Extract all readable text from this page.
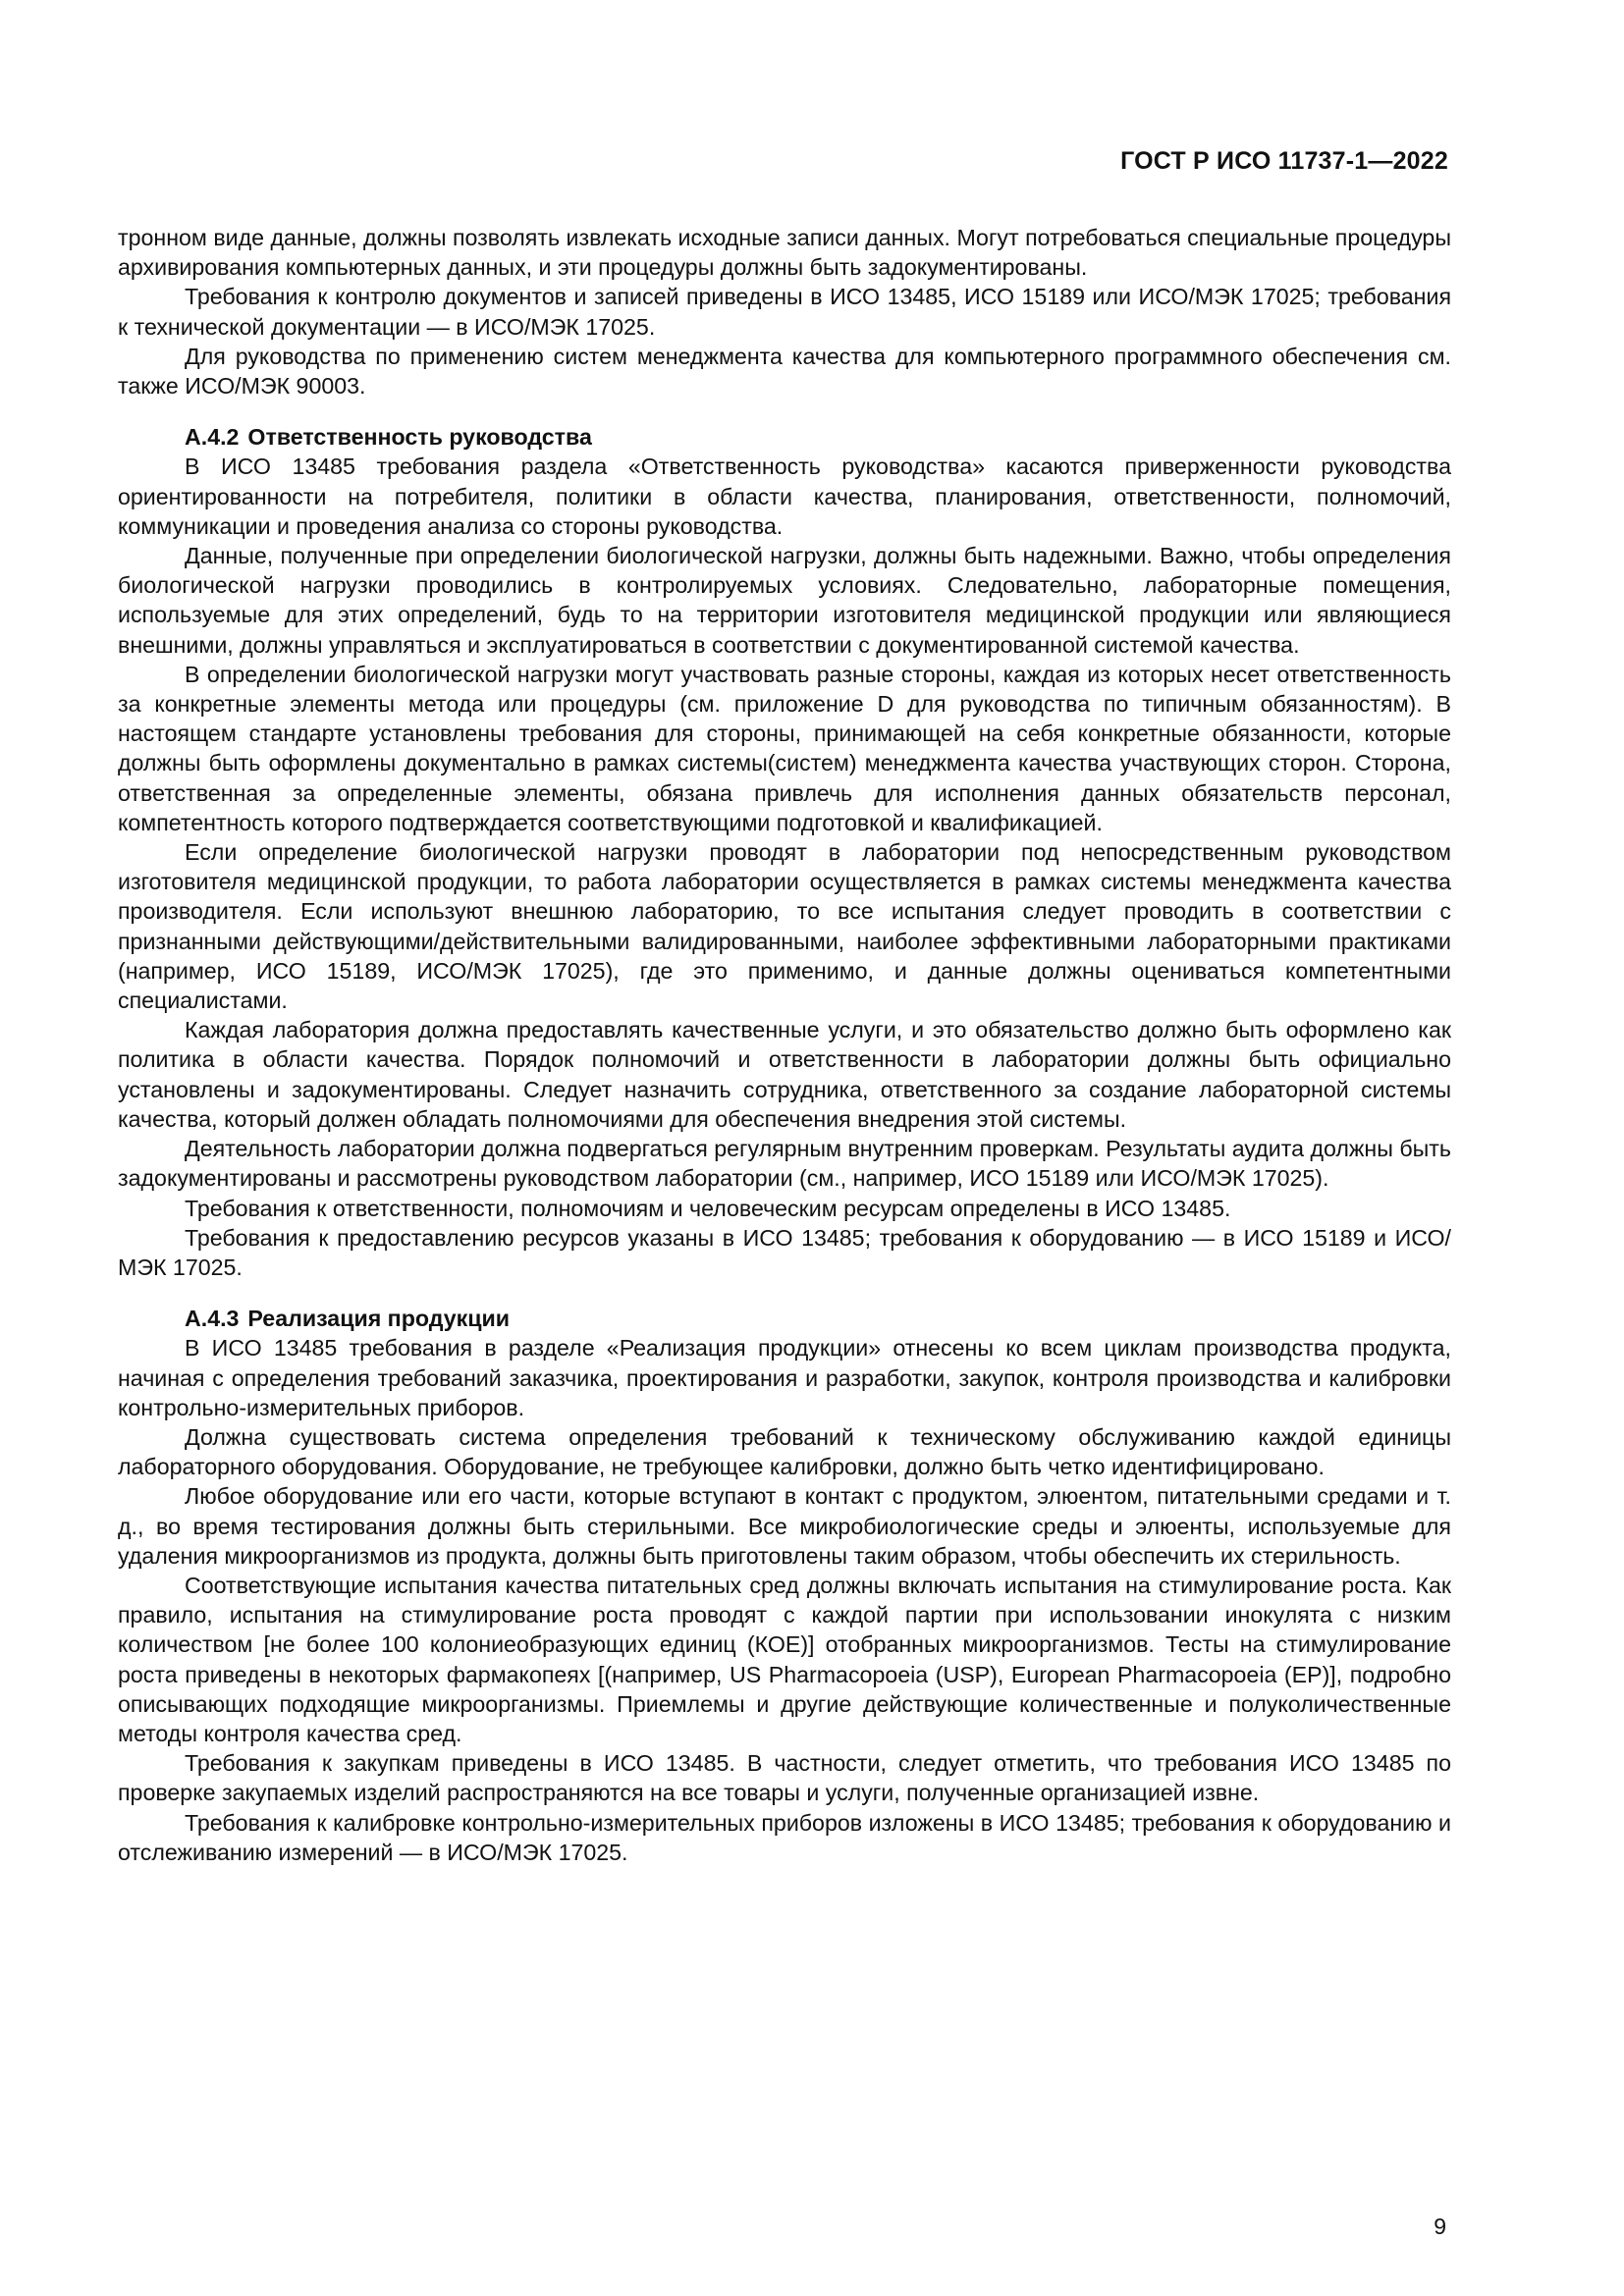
ГОСТ Р ИСО 11737-1—2022

тронном виде данные, должны позволять извлекать исходные записи данных. Могут потребоваться специальные процедуры архивирования компьютерных данных, и эти процедуры должны быть задокументированы.

Требования к контролю документов и записей приведены в ИСО 13485, ИСО 15189 или ИСО/МЭК 17025; требования к технической документации — в ИСО/МЭК 17025.

Для руководства по применению систем менеджмента качества для компьютерного программного обеспечения см. также ИСО/МЭК 90003.

А.4.2 Ответственность руководства

В ИСО 13485 требования раздела «Ответственность руководства» касаются приверженности руководства ориентированности на потребителя, политики в области качества, планирования, ответственности, полномочий, коммуникации и проведения анализа со стороны руководства.

Данные, полученные при определении биологической нагрузки, должны быть надежными. Важно, чтобы определения биологической нагрузки проводились в контролируемых условиях. Следовательно, лабораторные помещения, используемые для этих определений, будь то на территории изготовителя медицинской продукции или являющиеся внешними, должны управляться и эксплуатироваться в соответствии с документированной системой качества.

В определении биологической нагрузки могут участвовать разные стороны, каждая из которых несет ответственность за конкретные элементы метода или процедуры (см. приложение D для руководства по типичным обязанностям). В настоящем стандарте установлены требования для стороны, принимающей на себя конкретные обязанности, которые должны быть оформлены документально в рамках системы(систем) менеджмента качества участвующих сторон. Сторона, ответственная за определенные элементы, обязана привлечь для исполнения данных обязательств персонал, компетентность которого подтверждается соответствующими подготовкой и квалификацией.

Если определение биологической нагрузки проводят в лаборатории под непосредственным руководством изготовителя медицинской продукции, то работа лаборатории осуществляется в рамках системы менеджмента качества производителя. Если используют внешнюю лабораторию, то все испытания следует проводить в соответствии с признанными действующими/действительными валидированными, наиболее эффективными лабораторными практиками (например, ИСО 15189, ИСО/МЭК 17025), где это применимо, и данные должны оцениваться компетентными специалистами.

Каждая лаборатория должна предоставлять качественные услуги, и это обязательство должно быть оформлено как политика в области качества. Порядок полномочий и ответственности в лаборатории должны быть официально установлены и задокументированы. Следует назначить сотрудника, ответственного за создание лабораторной системы качества, который должен обладать полномочиями для обеспечения внедрения этой системы.

Деятельность лаборатории должна подвергаться регулярным внутренним проверкам. Результаты аудита должны быть задокументированы и рассмотрены руководством лаборатории (см., например, ИСО 15189 или ИСО/МЭК 17025).

Требования к ответственности, полномочиям и человеческим ресурсам определены в ИСО 13485.

Требования к предоставлению ресурсов указаны в ИСО 13485; требования к оборудованию — в ИСО 15189 и ИСО/МЭК 17025.

А.4.3 Реализация продукции

В ИСО 13485 требования в разделе «Реализация продукции» отнесены ко всем циклам производства продукта, начиная с определения требований заказчика, проектирования и разработки, закупок, контроля производства и калибровки контрольно-измерительных приборов.

Должна существовать система определения требований к техническому обслуживанию каждой единицы лабораторного оборудования. Оборудование, не требующее калибровки, должно быть четко идентифицировано.

Любое оборудование или его части, которые вступают в контакт с продуктом, элюентом, питательными средами и т. д., во время тестирования должны быть стерильными. Все микробиологические среды и элюенты, используемые для удаления микроорганизмов из продукта, должны быть приготовлены таким образом, чтобы обеспечить их стерильность.

Соответствующие испытания качества питательных сред должны включать испытания на стимулирование роста. Как правило, испытания на стимулирование роста проводят с каждой партии при использовании инокулята с низким количеством [не более 100 колониеобразующих единиц (КОЕ)] отобранных микроорганизмов. Тесты на стимулирование роста приведены в некоторых фармакопеях [(например, US Pharmacopoeia (USP), European Pharmacopoeia (EP)], подробно описывающих подходящие микроорганизмы. Приемлемы и другие действующие количественные и полуколичественные методы контроля качества сред.

Требования к закупкам приведены в ИСО 13485. В частности, следует отметить, что требования ИСО 13485 по проверке закупаемых изделий распространяются на все товары и услуги, полученные организацией извне.

Требования к калибровке контрольно-измерительных приборов изложены в ИСО 13485; требования к оборудованию и отслеживанию измерений — в ИСО/МЭК 17025.

9
